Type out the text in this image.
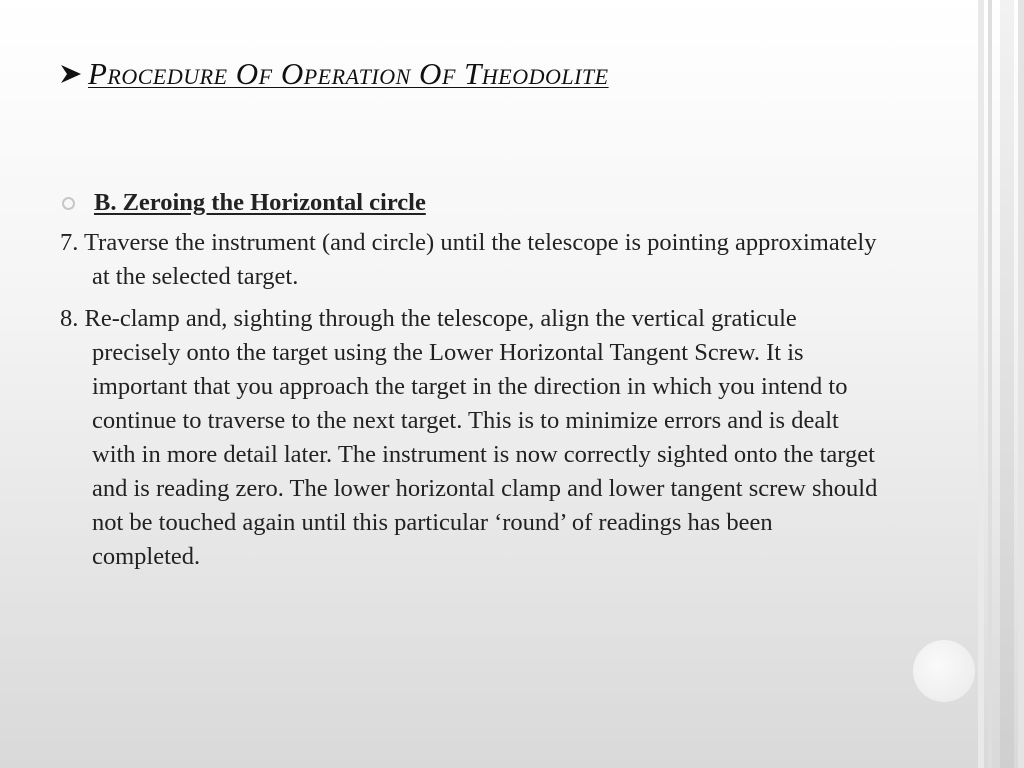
Procedure Of Operation Of Theodolite
B. Zeroing the Horizontal circle

7. Traverse the instrument (and circle) until the telescope is pointing approximately at the selected target.

8. Re-clamp and, sighting through the telescope, align the vertical graticule precisely onto the target using the Lower Horizontal Tangent Screw. It is important that you approach the target in the direction in which you intend to continue to traverse to the next target. This is to minimize errors and is dealt with in more detail later. The instrument is now correctly sighted onto the target and is reading zero. The lower horizontal clamp and lower tangent screw should not be touched again until this particular ‘round’ of readings has been completed.
